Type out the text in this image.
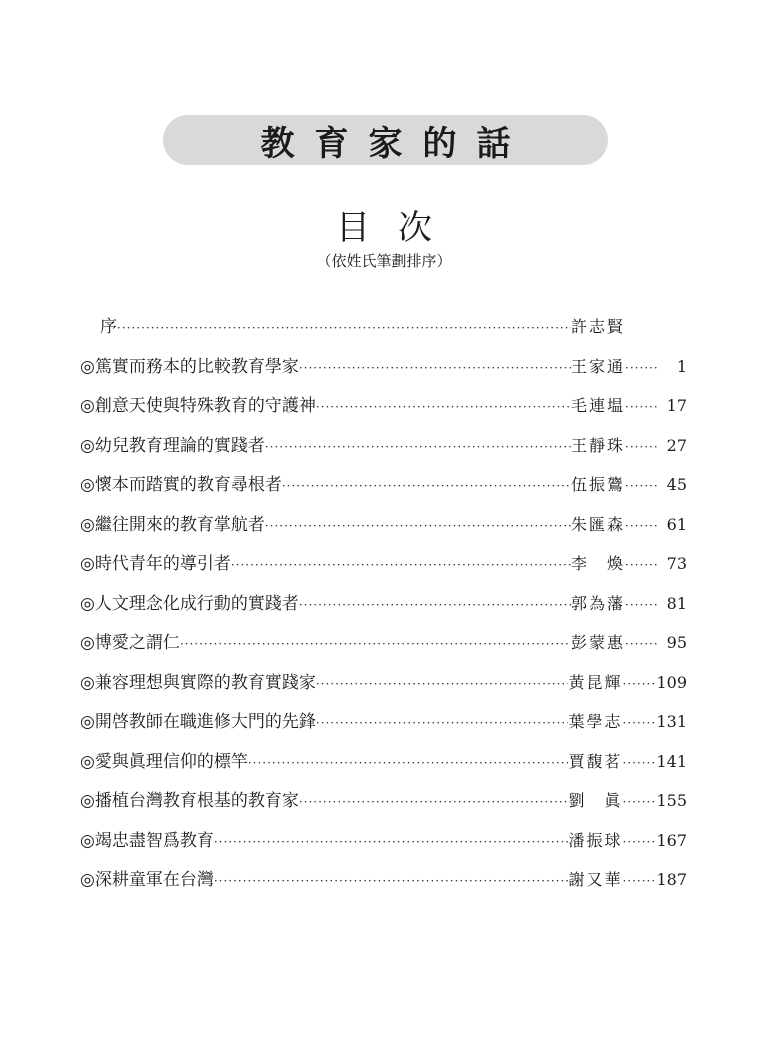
教育家的話
目次
（依姓氏筆劃排序）
序 ·····	許志賢
◎篤實而務本的比較教育學家 ·····	王家通 ·····	1
◎創意天使與特殊教育的守護神 ·····	毛連塭 ·····	17
◎幼兒教育理論的實踐者 ·····	王靜珠 ·····	27
◎懷本而踏實的教育尋根者 ·····	伍振鷟 ·····	45
◎繼往開來的教育掌航者 ·····	朱匯森 ·····	61
◎時代青年的導引者 ·····	李　煥 ·····	73
◎人文理念化成行動的實踐者 ·····	郭為藩 ·····	81
◎博愛之謂仁 ·····	彭蒙惠 ·····	95
◎兼容理想與實際的教育實踐家 ·····	黃昆輝 ····· 109
◎開啓教師在職進修大門的先鋒 ·····	葉學志 ····· 131
◎愛與眞理信仰的標竿 ·····	賈馥茗 ····· 141
◎播植台灣教育根基的教育家 ·····	劉　眞 ····· 155
◎竭忠盡智爲教育 ·····	潘振球 ····· 167
◎深耕童軍在台灣 ·····	謝又華 ····· 187
